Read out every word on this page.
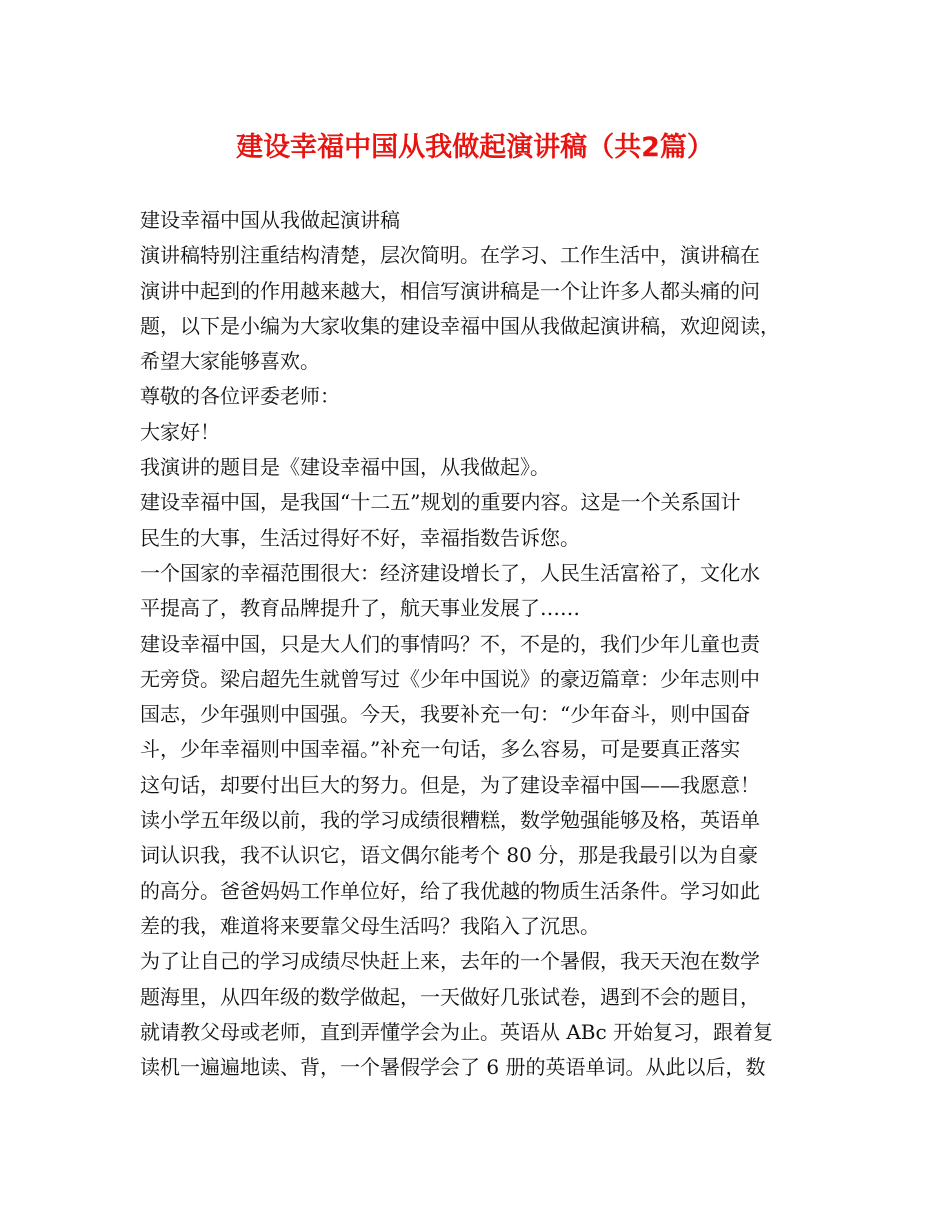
建设幸福中国从我做起演讲稿（共2篇）
建设幸福中国从我做起演讲稿
演讲稿特别注重结构清楚，层次简明。在学习、工作生活中，演讲稿在
演讲中起到的作用越来越大，相信写演讲稿是一个让许多人都头痛的问
题，以下是小编为大家收集的建设幸福中国从我做起演讲稿，欢迎阅读，
希望大家能够喜欢。
尊敬的各位评委老师：
大家好！
我演讲的题目是《建设幸福中国，从我做起》。
建设幸福中国，是我国“十二五”规划的重要内容。这是一个关系国计
民生的大事，生活过得好不好，幸福指数告诉您。
一个国家的幸福范围很大：经济建设增长了，人民生活富裕了，文化水
平提高了，教育品牌提升了，航天事业发展了……
建设幸福中国，只是大人们的事情吗？不，不是的，我们少年儿童也责
无旁贷。梁启超先生就曾写过《少年中国说》的豪迈篇章：少年志则中
国志，少年强则中国强。今天，我要补充一句：“少年奋斗，则中国奋
斗，少年幸福则中国幸福。”补充一句话，多么容易，可是要真正落实
这句话，却要付出巨大的努力。但是，为了建设幸福中国——我愿意！
读小学五年级以前，我的学习成绩很糟糕，数学勉强能够及格，英语单
词认识我，我不认识它，语文偶尔能考个 80 分，那是我最引以为自豪
的高分。爸爸妈妈工作单位好，给了我优越的物质生活条件。学习如此
差的我，难道将来要靠父母生活吗？我陷入了沉思。
为了让自己的学习成绩尽快赶上来，去年的一个暑假，我天天泡在数学
题海里，从四年级的数学做起，一天做好几张试卷，遇到不会的题目，
就请教父母或老师，直到弄懂学会为止。英语从 ABc 开始复习，跟着复
读机一遍遍地读、背，一个暑假学会了 6 册的英语单词。从此以后，数
